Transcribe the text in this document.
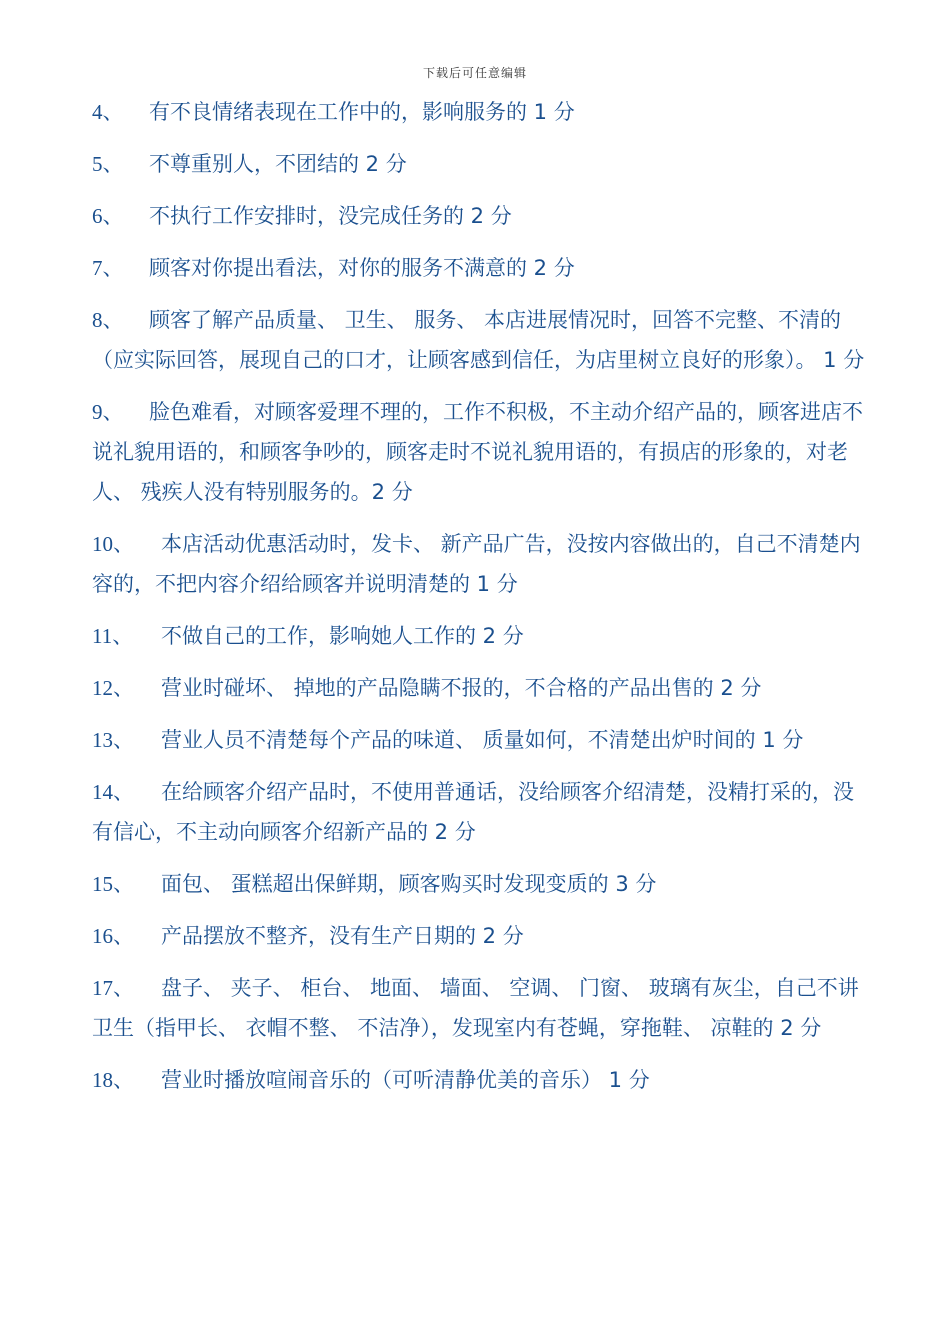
下载后可任意编辑

4、 有不良情绪表现在工作中的，影响服务的 1 分

5、 不尊重别人，不团结的 2 分

6、 不执行工作安排时，没完成任务的 2 分

7、 顾客对你提出看法，对你的服务不满意的 2 分

8、 顾客了解产品质量、 卫生、 服务、 本店进展情况时，回答不完整、不清的（应实际回答，展现自己的口才，让顾客感到信任，为店里树立良好的形象）。 1 分

9、 脸色难看，对顾客爱理不理的，工作不积极，不主动介绍产品的，顾客进店不说礼貌用语的，和顾客争吵的，顾客走时不说礼貌用语的，有损店的形象的，对老人、 残疾人没有特别服务的。2 分

10、 本店活动优惠活动时，发卡、 新产品广告，没按内容做出的，自己不清楚内容的，不把内容介绍给顾客并说明清楚的 1 分

11、 不做自己的工作，影响她人工作的 2 分

12、 营业时碰坏、 掉地的产品隐瞒不报的，不合格的产品出售的 2 分

13、 营业人员不清楚每个产品的味道、 质量如何，不清楚出炉时间的 1 分

14、 在给顾客介绍产品时，不使用普通话，没给顾客介绍清楚，没精打采的，没有信心，不主动向顾客介绍新产品的 2 分

15、 面包、 蛋糕超出保鲜期，顾客购买时发现变质的 3 分

16、 产品摆放不整齐，没有生产日期的 2 分

17、 盘子、 夹子、 柜台、 地面、 墙面、 空调、 门窗、 玻璃有灰尘，自己不讲卫生（指甲长、 衣帽不整、 不洁净），发现室内有苍蝇，穿拖鞋、 凉鞋的 2 分

18、 营业时播放喧闹音乐的（可听清静优美的音乐） 1 分
